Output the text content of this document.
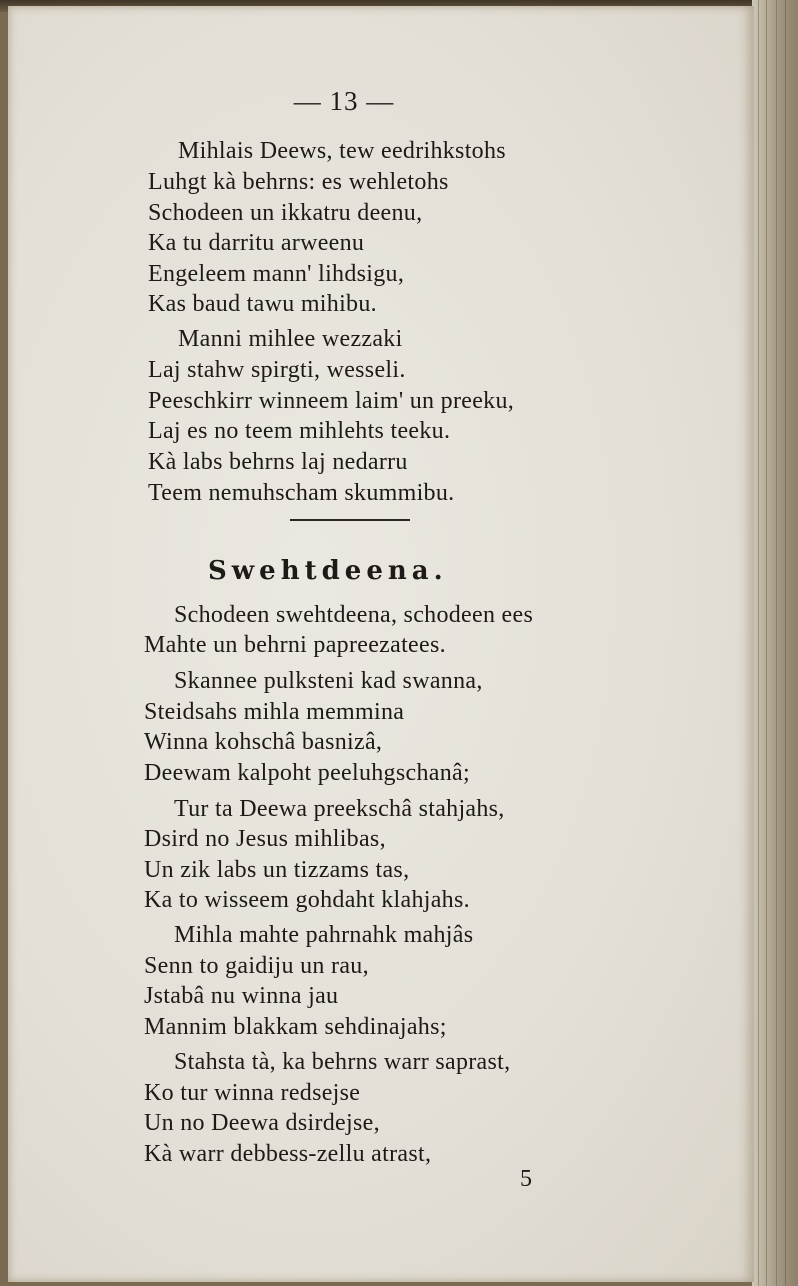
— 13 —
Mihlais Deews, tew eedrihkstohs
Luhgt kà behrns: es wehletohs
Schodeen un ikkatru deenu,
Ka tu darritu arweenu
Engeleem mann' lihdsigu,
Kas baud tawu mihibu.
Manni mihlee wezzaki
Laj stahw spirgti, wesseli.
Peeschkirr winneem laim' un preeku,
Laj es no teem mihlehts teeku.
Kà labs behrns laj nedarru
Teem nemuhscham skummibu.
Swehtdeena.
Schodeen swehtdeena, schodeen ees
Mahte un behrni papreezatees.
Skannee pulksteni kad swanna,
Steidsahs mihla memmina
Winna kohschâ basnizâ,
Deewam kalpoht peeluhgschanâ;
Tur ta Deewa preekschâ stahjahs,
Dsird no Jesus mihlibas,
Un zik labs un tizzams tas,
Ka to wisseem gohdaht klahjahs.
Mihla mahte pahrnahk mahjâs
Senn to gaidiju un rau,
Jstabâ nu winna jau
Mannim blakkam sehdinajahs;
Stahsta tà, ka behrns warr saprast,
Ko tur winna redsejse
Un no Deewa dsirdejse,
Kà warr debbess-zellu atrast,
5
